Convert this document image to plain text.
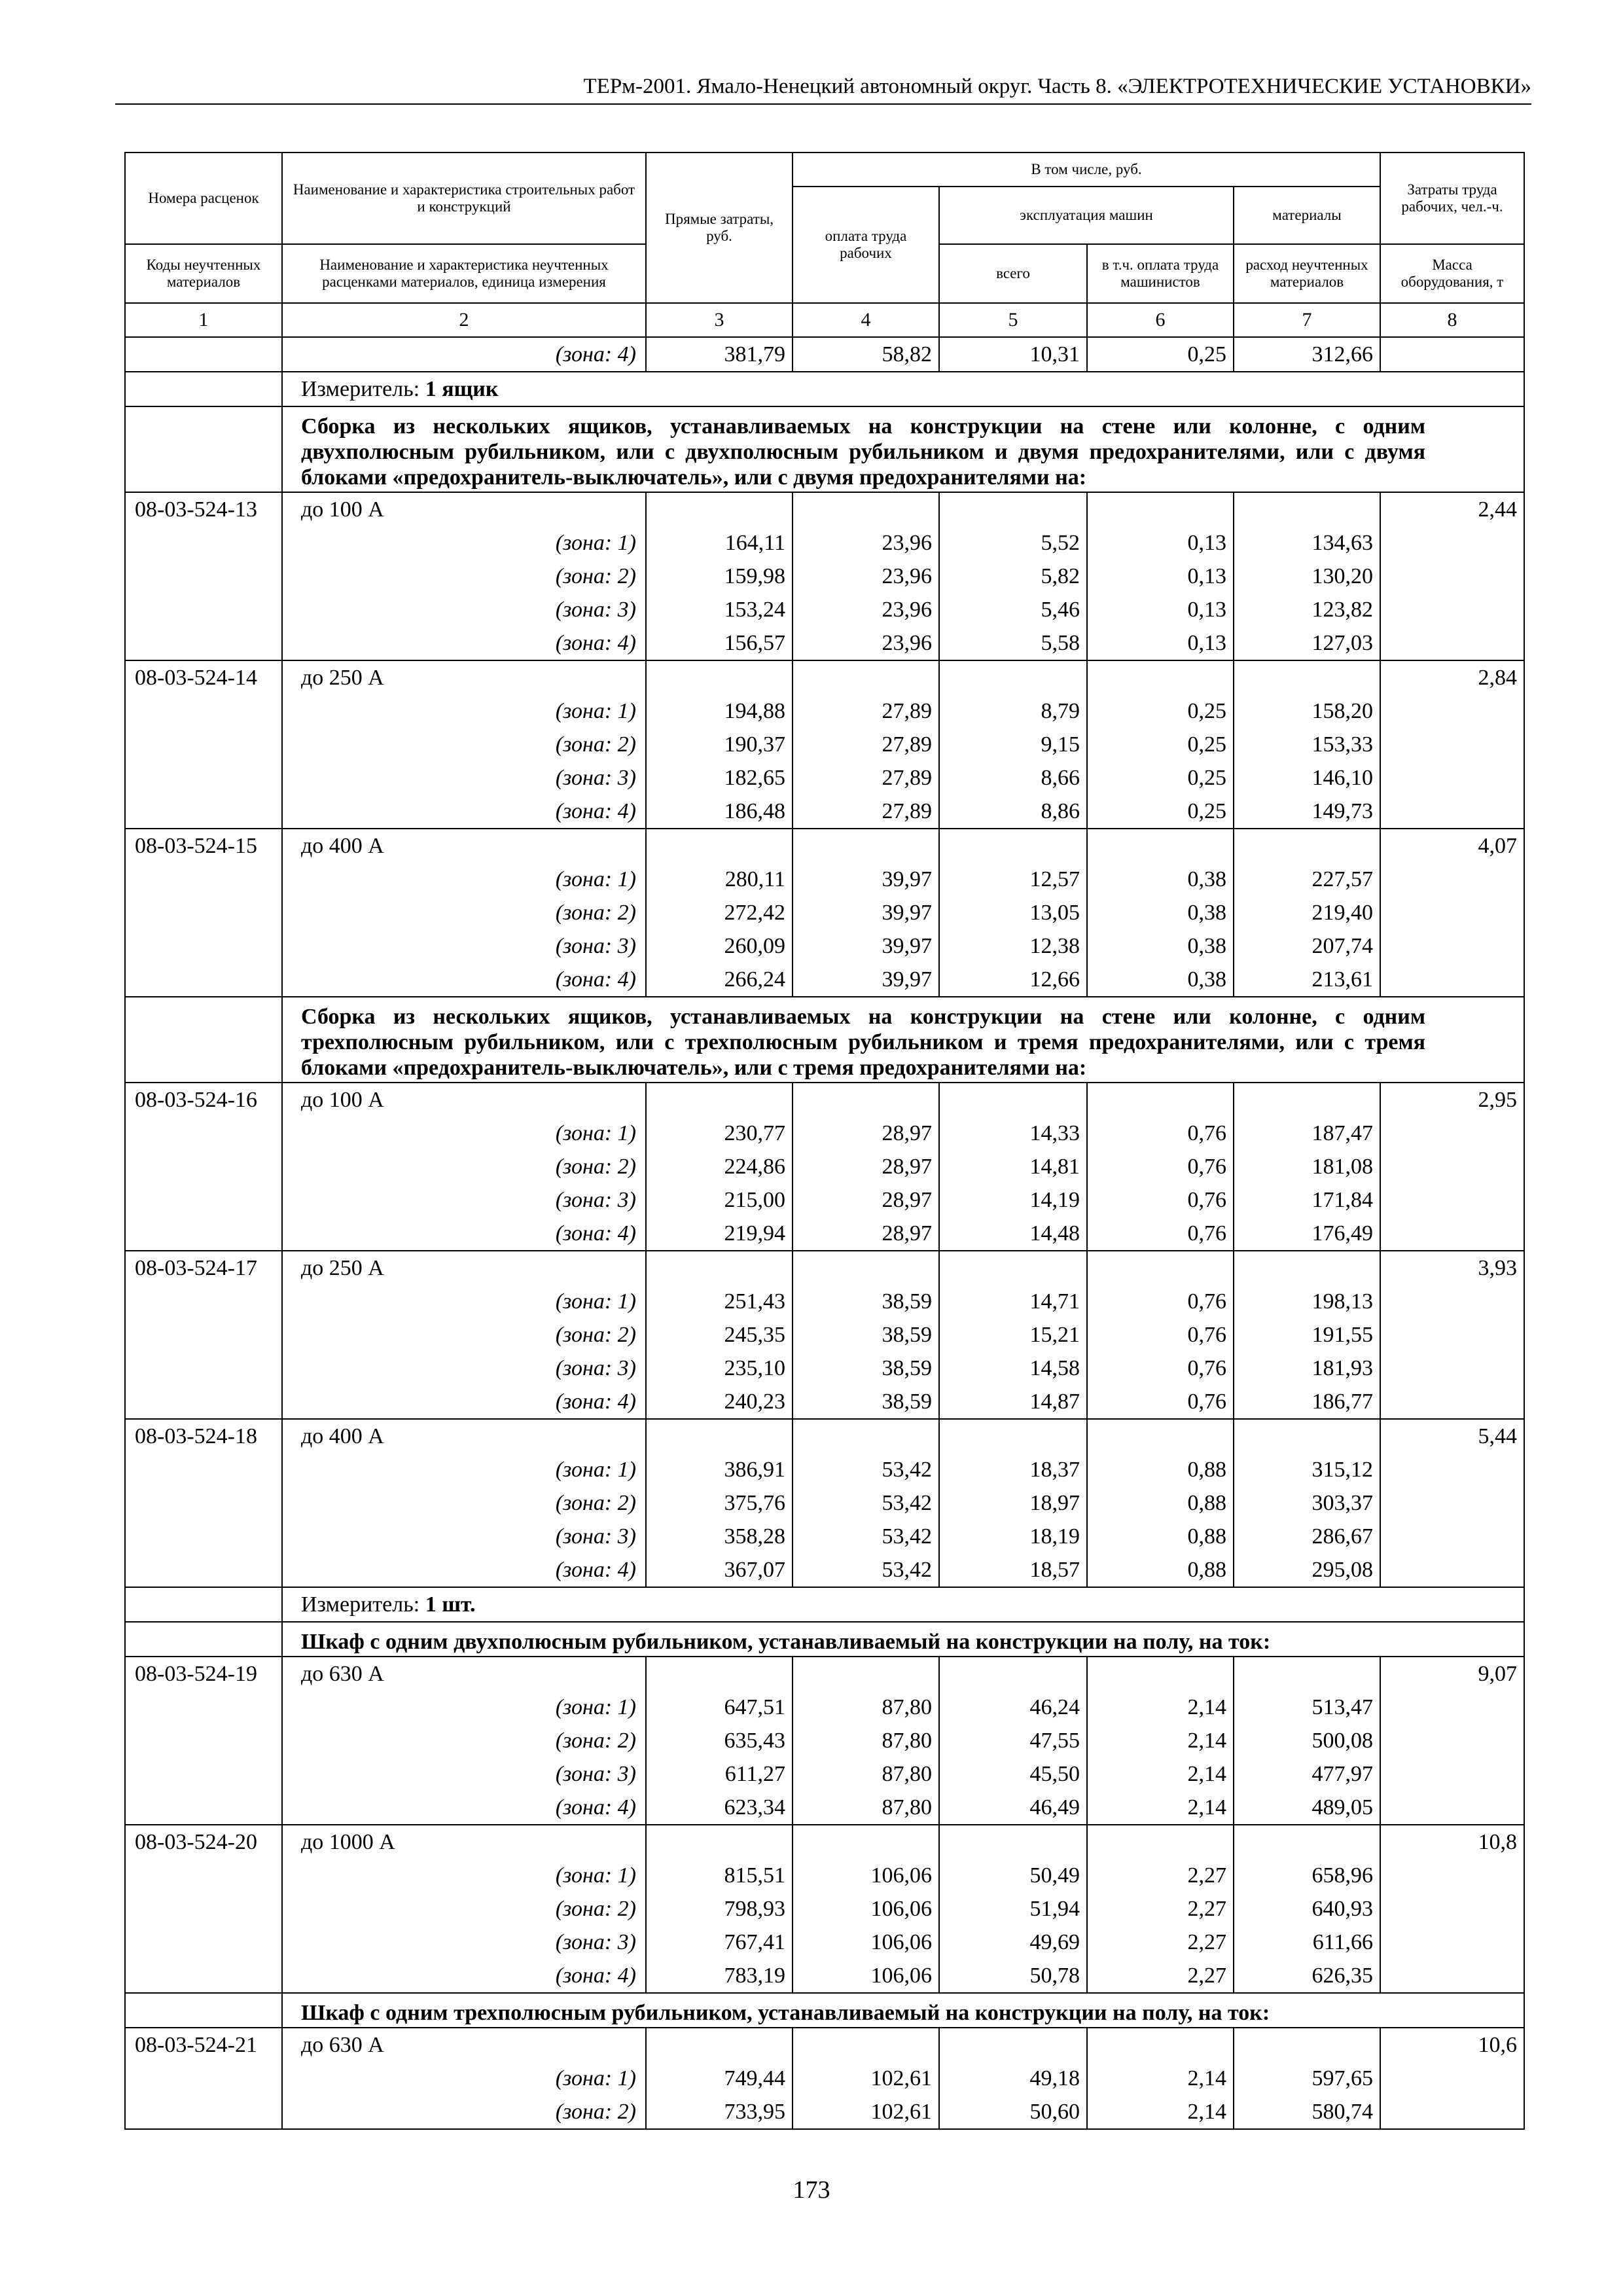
ТЕРм-2001. Ямало-Ненецкий автономный округ. Часть 8. «ЭЛЕКТРОТЕХНИЧЕСКИЕ УСТАНОВКИ»
Номера расценок	Наименование и характеристика строительных работ и конструкций	Прямые затраты, руб.	В том числе, руб.				Затраты труда рабочих, чел.-ч.
			оплата труда рабочих	эксплуатация машин		материалы	
Коды неучтенных материалов	Наименование и характеристика неучтенных расценками материалов, единица измерения			всего	в т.ч. оплата труда машинистов	расход неучтенных материалов	Масса оборудования, т
1	2	3	4	5	6	7	8
	(зона: 4)	381,79	58,82	10,31	0,25	312,66	
	Измеритель: 1 ящик						
	Сборка из нескольких ящиков, устанавливаемых на конструкции на стене или колонне, с одним двухполюсным рубильником, или с двухполюсным рубильником и двумя предохранителями, или с двумя блоками «предохранитель-выключатель», или с двумя предохранителями на:						
08-03-524-13	до 100 А						2,44
	(зона: 1)	164,11	23,96	5,52	0,13	134,63	
	(зона: 2)	159,98	23,96	5,82	0,13	130,20	
	(зона: 3)	153,24	23,96	5,46	0,13	123,82	
	(зона: 4)	156,57	23,96	5,58	0,13	127,03	
08-03-524-14	до 250 А						2,84
	(зона: 1)	194,88	27,89	8,79	0,25	158,20	
	(зона: 2)	190,37	27,89	9,15	0,25	153,33	
	(зона: 3)	182,65	27,89	8,66	0,25	146,10	
	(зона: 4)	186,48	27,89	8,86	0,25	149,73	
08-03-524-15	до 400 А						4,07
	(зона: 1)	280,11	39,97	12,57	0,38	227,57	
	(зона: 2)	272,42	39,97	13,05	0,38	219,40	
	(зона: 3)	260,09	39,97	12,38	0,38	207,74	
	(зона: 4)	266,24	39,97	12,66	0,38	213,61	
	Сборка из нескольких ящиков, устанавливаемых на конструкции на стене или колонне, с одним трехполюсным рубильником, или с трехполюсным рубильником и тремя предохранителями, или с тремя блоками «предохранитель-выключатель», или с тремя предохранителями на:						
08-03-524-16	до 100 А						2,95
	(зона: 1)	230,77	28,97	14,33	0,76	187,47	
	(зона: 2)	224,86	28,97	14,81	0,76	181,08	
	(зона: 3)	215,00	28,97	14,19	0,76	171,84	
	(зона: 4)	219,94	28,97	14,48	0,76	176,49	
08-03-524-17	до 250 А						3,93
	(зона: 1)	251,43	38,59	14,71	0,76	198,13	
	(зона: 2)	245,35	38,59	15,21	0,76	191,55	
	(зона: 3)	235,10	38,59	14,58	0,76	181,93	
	(зона: 4)	240,23	38,59	14,87	0,76	186,77	
08-03-524-18	до 400 А						5,44
	(зона: 1)	386,91	53,42	18,37	0,88	315,12	
	(зона: 2)	375,76	53,42	18,97	0,88	303,37	
	(зона: 3)	358,28	53,42	18,19	0,88	286,67	
	(зона: 4)	367,07	53,42	18,57	0,88	295,08	
	Измеритель: 1 шт.						
	Шкаф с одним двухполюсным рубильником, устанавливаемый на конструкции на полу, на ток:						
08-03-524-19	до 630 А						9,07
	(зона: 1)	647,51	87,80	46,24	2,14	513,47	
	(зона: 2)	635,43	87,80	47,55	2,14	500,08	
	(зона: 3)	611,27	87,80	45,50	2,14	477,97	
	(зона: 4)	623,34	87,80	46,49	2,14	489,05	
08-03-524-20	до 1000 А						10,8
	(зона: 1)	815,51	106,06	50,49	2,27	658,96	
	(зона: 2)	798,93	106,06	51,94	2,27	640,93	
	(зона: 3)	767,41	106,06	49,69	2,27	611,66	
	(зона: 4)	783,19	106,06	50,78	2,27	626,35	
	Шкаф с одним трехполюсным рубильником, устанавливаемый на конструкции на полу, на ток:						
08-03-524-21	до 630 А						10,6
	(зона: 1)	749,44	102,61	49,18	2,14	597,65	
	(зона: 2)	733,95	102,61	50,60	2,14	580,74	
173
